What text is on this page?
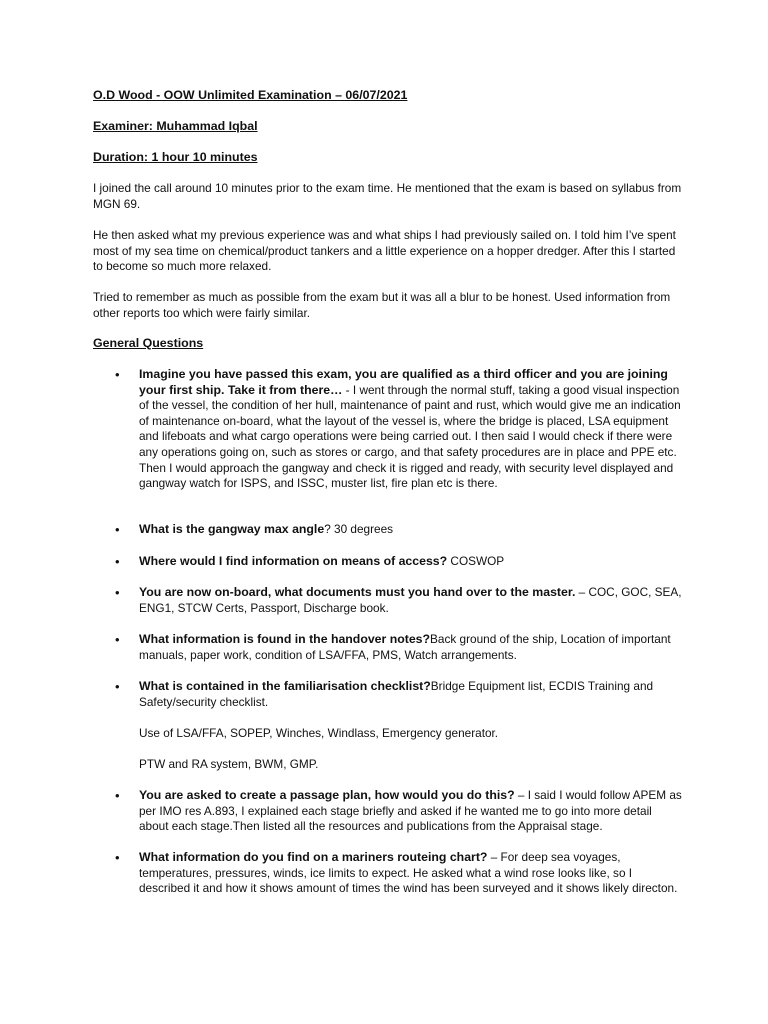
O.D Wood - OOW Unlimited Examination – 06/07/2021

Examiner: Muhammad Iqbal

Duration: 1 hour 10 minutes

I joined the call around 10 minutes prior to the exam time. He mentioned that the exam is based on syllabus from MGN 69.

He then asked what my previous experience was and what ships I had previously sailed on. I told him I’ve spent most of my sea time on chemical/product tankers and a little experience on a hopper dredger. After this I started to become so much more relaxed.

Tried to remember as much as possible from the exam but it was all a blur to be honest. Used information from other reports too which were fairly similar.

General Questions

• Imagine you have passed this exam, you are qualified as a third officer and you are joining your first ship. Take it from there… - I went through the normal stuff, taking a good visual inspection of the vessel, the condition of her hull, maintenance of paint and rust, which would give me an indication of maintenance on-board, what the layout of the vessel is, where the bridge is placed, LSA equipment and lifeboats and what cargo operations were being carried out. I then said I would check if there were any operations going on, such as stores or cargo, and that safety procedures are in place and PPE etc. Then I would approach the gangway and check it is rigged and ready, with security level displayed and gangway watch for ISPS, and ISSC, muster list, fire plan etc is there.
• What is the gangway max angle? 30 degrees
• Where would I find information on means of access? COSWOP
• You are now on-board, what documents must you hand over to the master. – COC, GOC, SEA, ENG1, STCW Certs, Passport, Discharge book.
• What information is found in the handover notes?Back ground of the ship, Location of important manuals, paper work, condition of LSA/FFA, PMS, Watch arrangements.
• What is contained in the familiarisation checklist?Bridge Equipment list, ECDIS Training and Safety/security checklist.
• You are asked to create a passage plan, how would you do this? – I said I would follow APEM as per IMO res A.893, I explained each stage briefly and asked if he wanted me to go into more detail about each stage.Then listed all the resources and publications from the Appraisal stage.
• What information do you find on a mariners routeing chart? – For deep sea voyages, temperatures, pressures, winds, ice limits to expect. He asked what a wind rose looks like, so I described it and how it shows amount of times the wind has been surveyed and it shows likely directon.

Use of LSA/FFA, SOPEP, Winches, Windlass, Emergency generator.

PTW and RA system, BWM, GMP.
